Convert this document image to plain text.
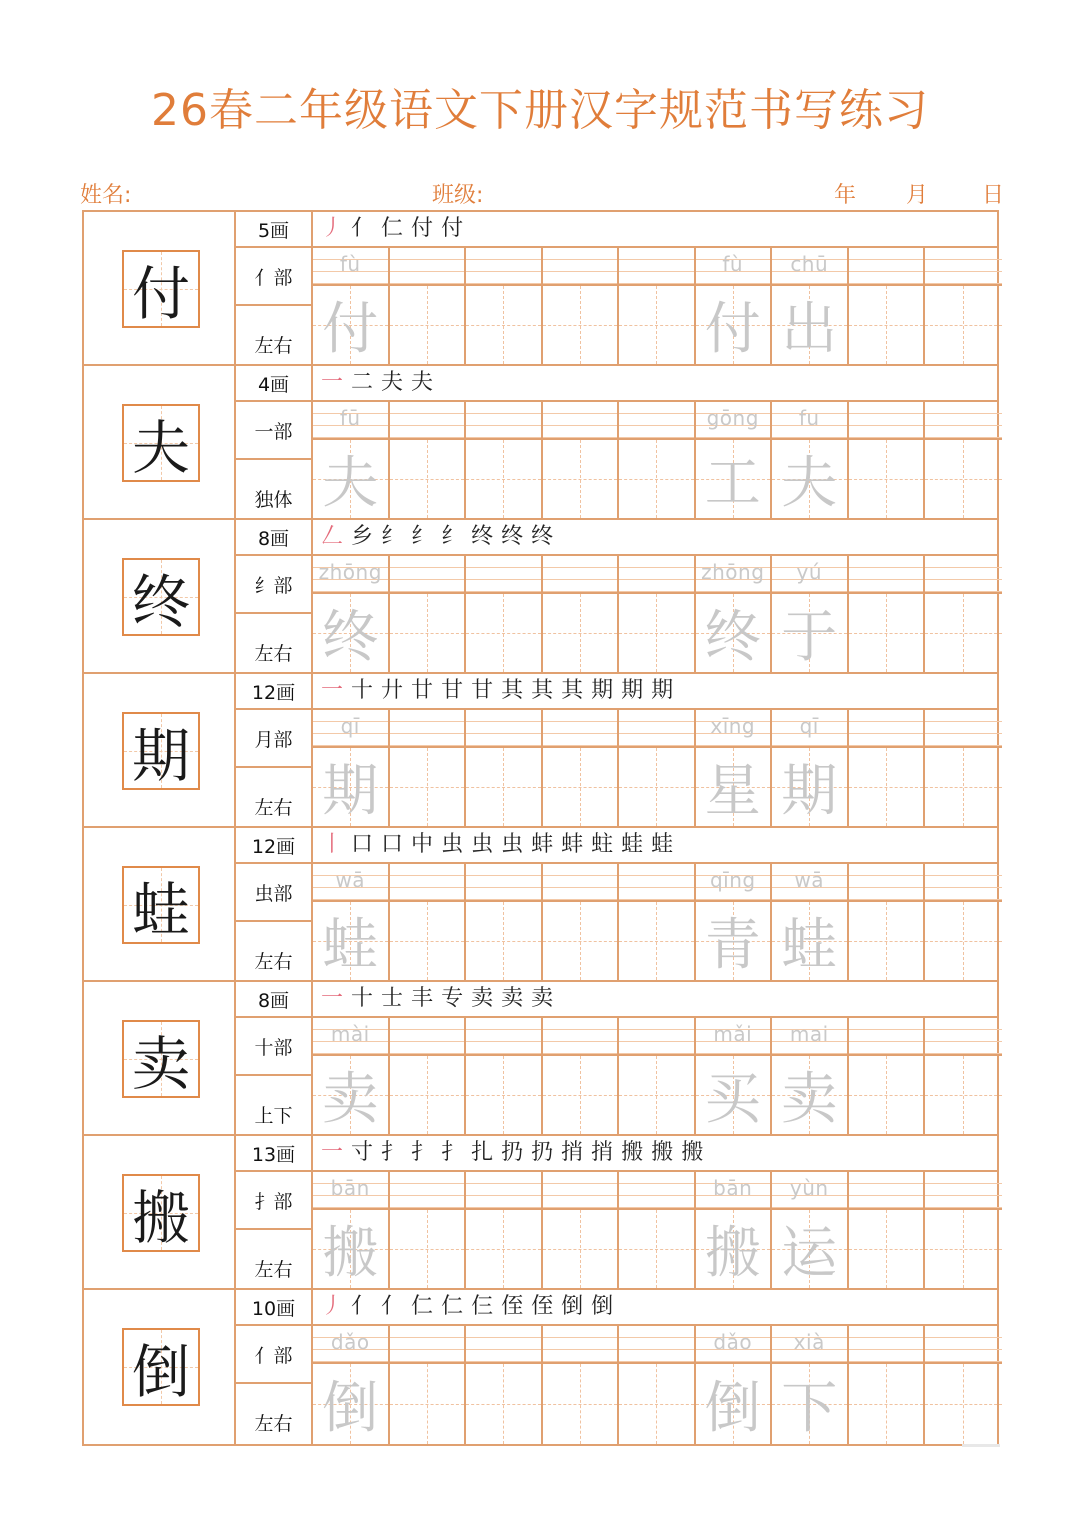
26春二年级语文下册汉字规范书写练习
姓名:	班级:	年 月 日
付
5画
亻部
左右
丿 亻 仁 付 付
fù
付
fù
付
chū
出
夫
4画
一部
独体
一 二 夫 夫
fū
夫
gōng
工
fu
夫
终
8画
纟部
左右
𠃋 乡 纟 纟 纟 终 终 终
zhōng
终
zhōng
终
yú
于
期
12画
月部
左右
一 十 廾 廿 甘 甘 其 其 其 期 期 期
qī
期
xīng
星
qī
期
蛙
12画
虫部
左右
丨 口 口 中 虫 虫 虫 蚌 蚌 蛀 蛙 蛙
wā
蛙
qīng
青
wā
蛙
卖
8画
十部
上下
一 十 士 丰 专 卖 卖 卖
mài
卖
mǎi
买
mai
卖
搬
13画
扌部
左右
一 寸 扌 扌 扌 扎 扔 扔 捎 捎 搬 搬 搬
bān
搬
bān
搬
yùn
运
倒
10画
亻部
左右
丿 亻 亻 仁 仁 仨 侄 侄 倒 倒
dǎo
倒
dǎo
倒
xià
下
